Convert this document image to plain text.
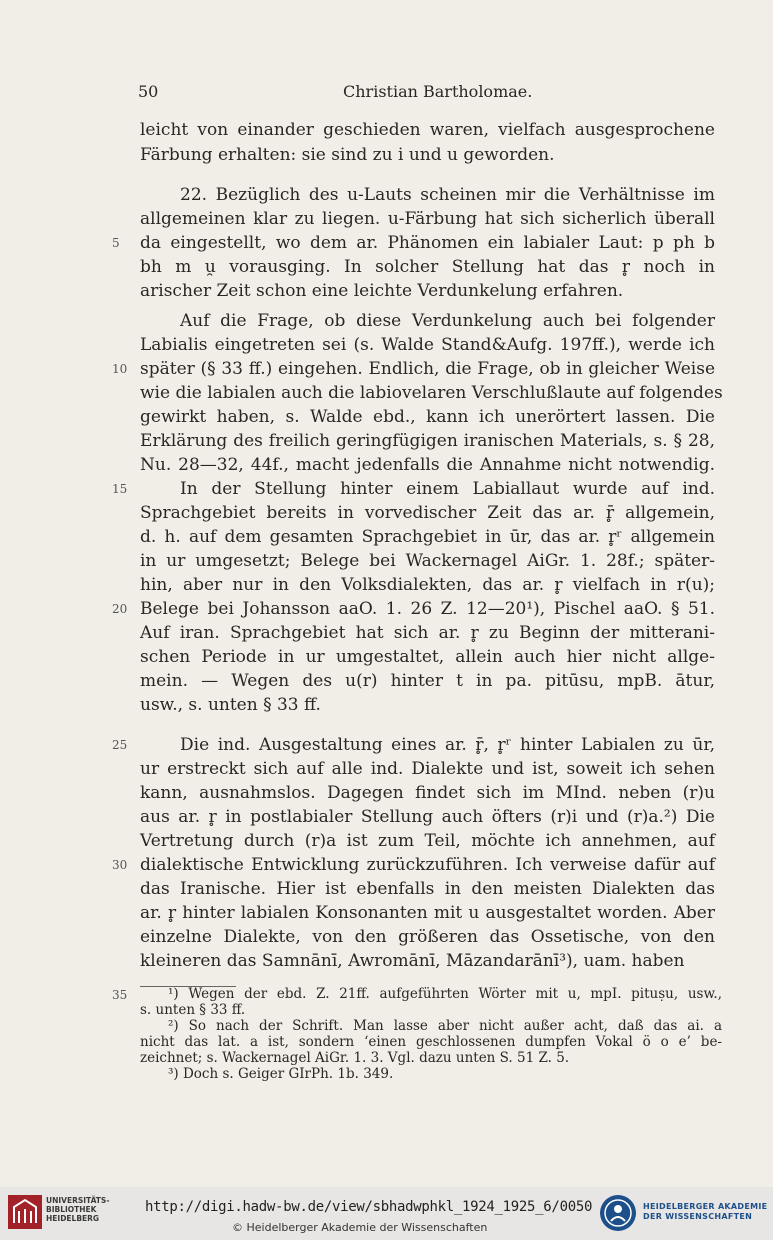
50	Christian Bartholomae.
leicht von einander geschieden waren, vielfach ausgesprochene
Färbung erhalten: sie sind zu i und u geworden.
22. Bezüglich des u-Lauts scheinen mir die Verhältnisse im
allgemeinen klar zu liegen. u-Färbung hat sich sicherlich überall
da eingestellt, wo dem ar. Phänomen ein labialer Laut: p ph b
5
bh m u̯ vorausging. In solcher Stellung hat das r̥ noch in
arischer Zeit schon eine leichte Verdunkelung erfahren.
Auf die Frage, ob diese Verdunkelung auch bei folgender
Labialis eingetreten sei (s. Walde Stand&Aufg. 197ff.), werde ich
später (§ 33 ff.) eingehen. Endlich, die Frage, ob in gleicher Weise
10
wie die labialen auch die labiovelaren Verschlußlaute auf folgendes
gewirkt haben, s. Walde ebd., kann ich unerörtert lassen. Die
Erklärung des freilich geringfügigen iranischen Materials, s. § 28,
Nu. 28—32, 44f., macht jedenfalls die Annahme nicht notwendig.
In der Stellung hinter einem Labiallaut wurde auf ind.
15
Sprachgebiet bereits in vorvedischer Zeit das ar. r̥̄ allgemein,
d. h. auf dem gesamten Sprachgebiet in ūr, das ar. r̥ʳ allgemein
in ur umgesetzt; Belege bei Wackernagel AiGr. 1. 28f.; später-
hin, aber nur in den Volksdialekten, das ar. r̥ vielfach in r(u);
Belege bei Johansson aaO. 1. 26 Z. 12—20¹), Pischel aaO. § 51.
20
Auf iran. Sprachgebiet hat sich ar. r̥ zu Beginn der mitterani-
schen Periode in ur umgestaltet, allein auch hier nicht allge-
mein. — Wegen des u(r) hinter t in pa. pitūsu, mpB. ātur,
usw., s. unten § 33 ff.
Die ind. Ausgestaltung eines ar. r̥̄, r̥ʳ hinter Labialen zu ūr,
25
ur erstreckt sich auf alle ind. Dialekte und ist, soweit ich sehen
kann, ausnahmslos. Dagegen findet sich im MInd. neben (r)u
aus ar. r̥ in postlabialer Stellung auch öfters (r)i und (r)a.²) Die
Vertretung durch (r)a ist zum Teil, möchte ich annehmen, auf
dialektische Entwicklung zurückzuführen. Ich verweise dafür auf
30
das Iranische. Hier ist ebenfalls in den meisten Dialekten das
ar. r̥ hinter labialen Konsonanten mit u ausgestaltet worden. Aber
einzelne Dialekte, von den größeren das Ossetische, von den
kleineren das Samnānī, Awromānī, Māzandarānī³), uam. haben
¹) Wegen der ebd. Z. 21ff. aufgeführten Wörter mit u, mpI. pituṣu, usw.,
35
s. unten § 33 ff.
²) So nach der Schrift. Man lasse aber nicht außer acht, daß das ai. a
nicht das lat. a ist, sondern ‘einen geschlossenen dumpfen Vokal ö o e’ be-
zeichnet; s. Wackernagel AiGr. 1. 3. Vgl. dazu unten S. 51 Z. 5.
³) Doch s. Geiger GIrPh. 1b. 349.
UNIVERSITÄTS-
BIBLIOTHEK
HEIDELBERG
http://digi.hadw-bw.de/view/sbhadwphkl_1924_1925_6/0050
© Heidelberger Akademie der Wissenschaften
HEIDELBERGER AKADEMIE
DER WISSENSCHAFTEN
